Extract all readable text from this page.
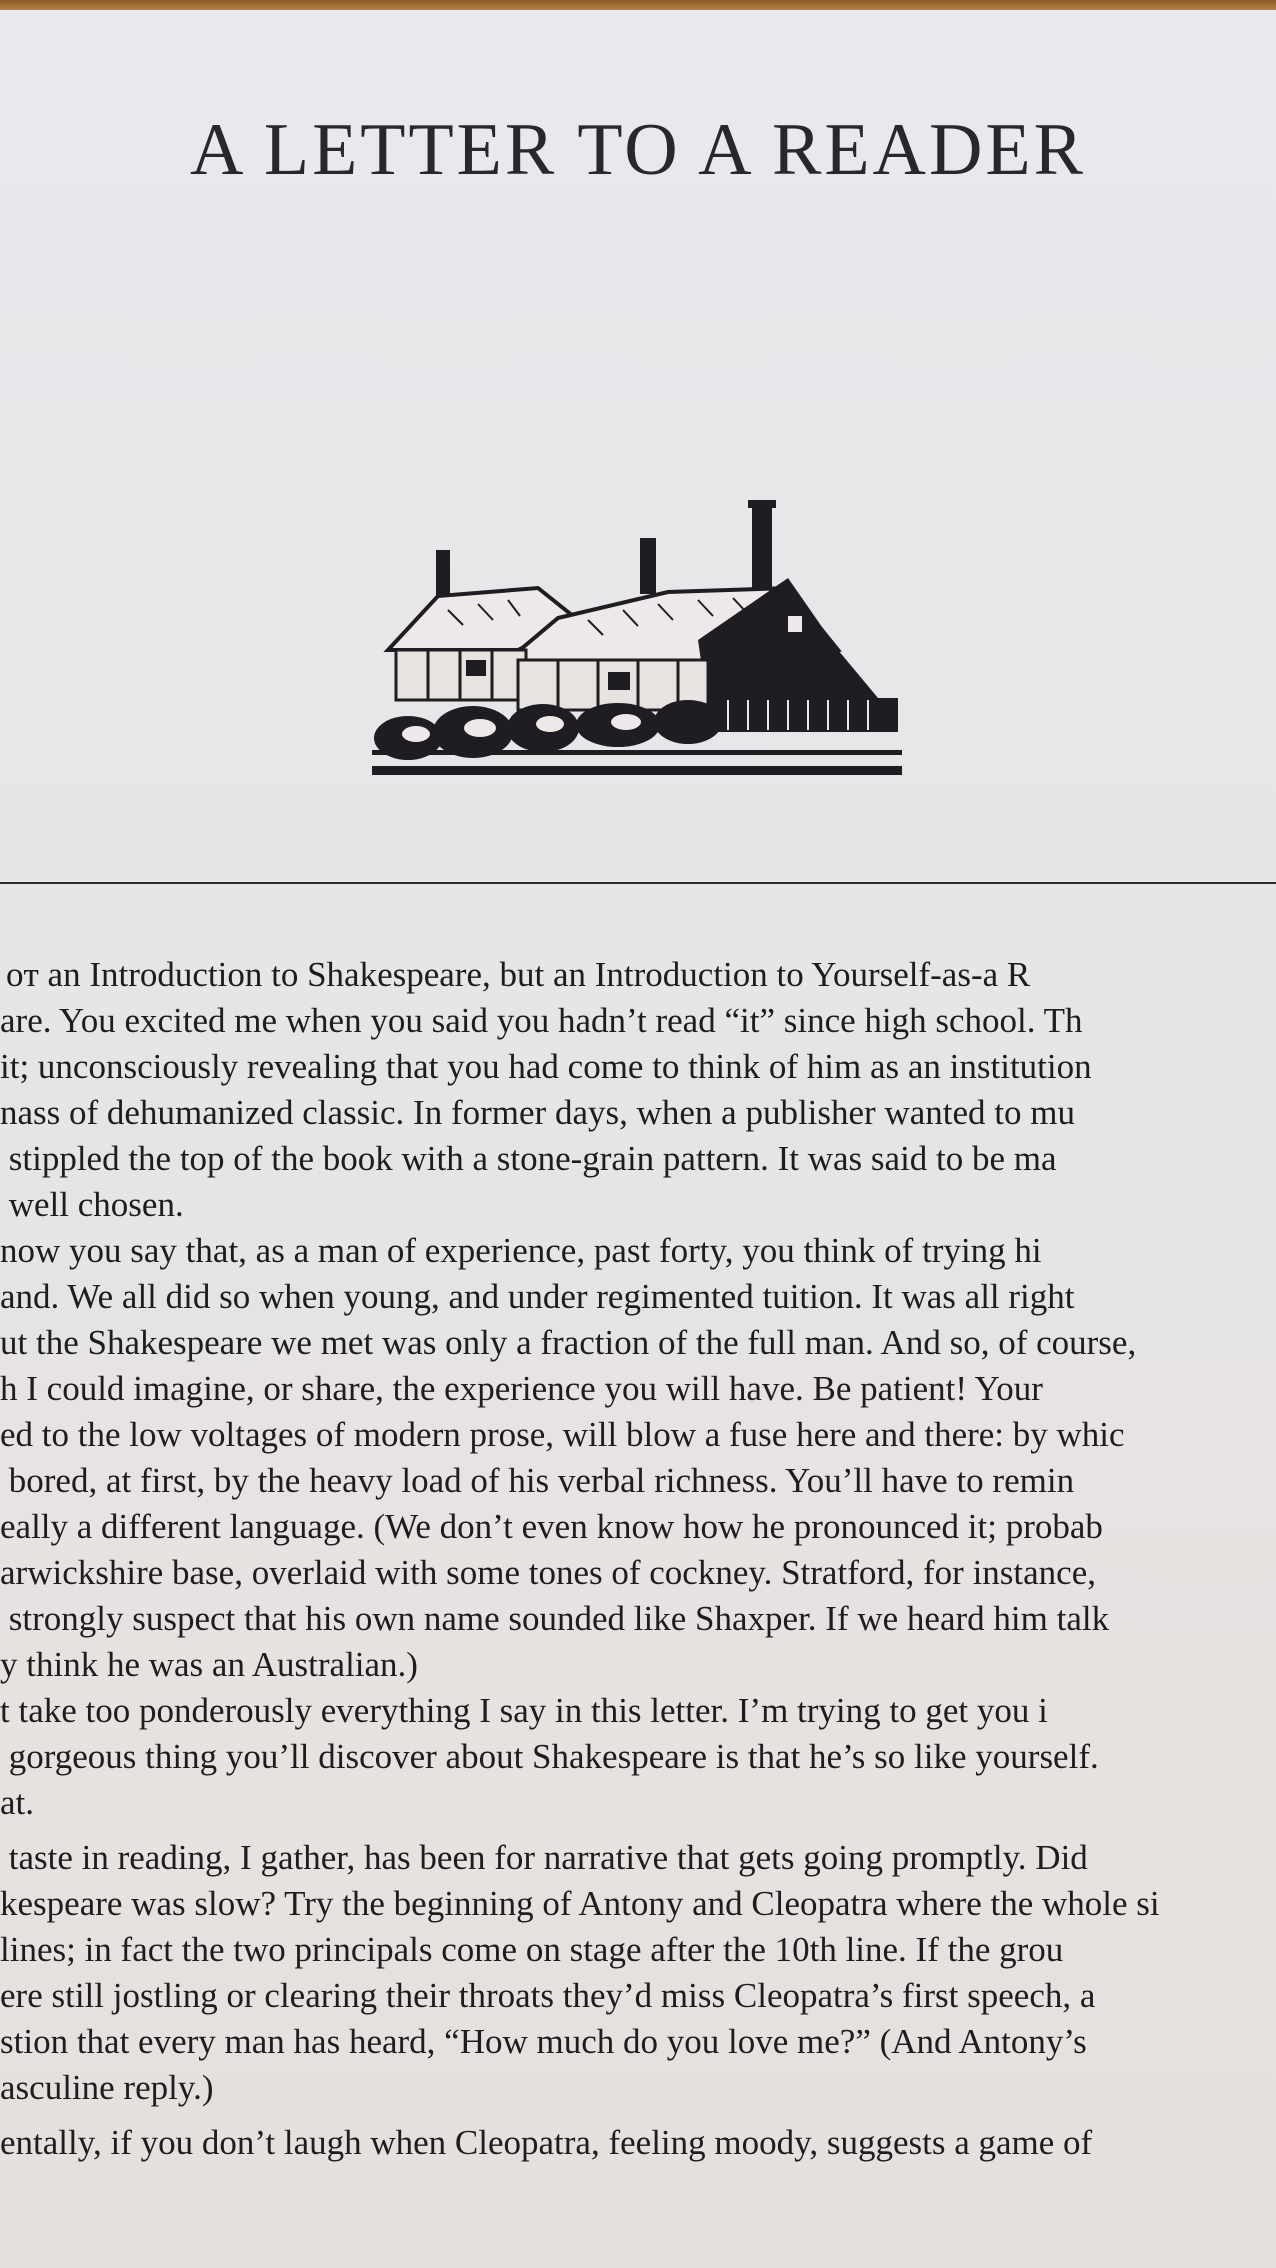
A LETTER TO A READER
ᴏᴛ an Introduction to Shakespeare, but an Introduction to Yourself-as-a R
are. You excited me when you said you hadn’t read “it” since high school. Th
it; unconsciously revealing that you had come to think of him as an institution
nass of dehumanized classic. In former days, when a publisher wanted to mu
stippled the top of the book with a stone-grain pattern. It was said to be ma
well chosen.
now you say that, as a man of experience, past forty, you think of trying hi
and. We all did so when young, and under regimented tuition. It was all right
ut the Shakespeare we met was only a fraction of the full man. And so, of course,
h I could imagine, or share, the experience you will have. Be patient! Your
ed to the low voltages of modern prose, will blow a fuse here and there: by whic
bored, at first, by the heavy load of his verbal richness. You’ll have to remin
eally a different language. (We don’t even know how he pronounced it; probab
arwickshire base, overlaid with some tones of cockney. Stratford, for instance,
strongly suspect that his own name sounded like Shaxper. If we heard him talk
y think he was an Australian.)
t take too ponderously everything I say in this letter. I’m trying to get you i
gorgeous thing you’ll discover about Shakespeare is that he’s so like yourself.
at.
taste in reading, I gather, has been for narrative that gets going promptly. Did
kespeare was slow? Try the beginning of Antony and Cleopatra where the whole si
lines; in fact the two principals come on stage after the 10th line. If the grou
ere still jostling or clearing their throats they’d miss Cleopatra’s first speech, a
stion that every man has heard, “How much do you love me?” (And Antony’s
asculine reply.)
entally, if you don’t laugh when Cleopatra, feeling moody, suggests a game of
